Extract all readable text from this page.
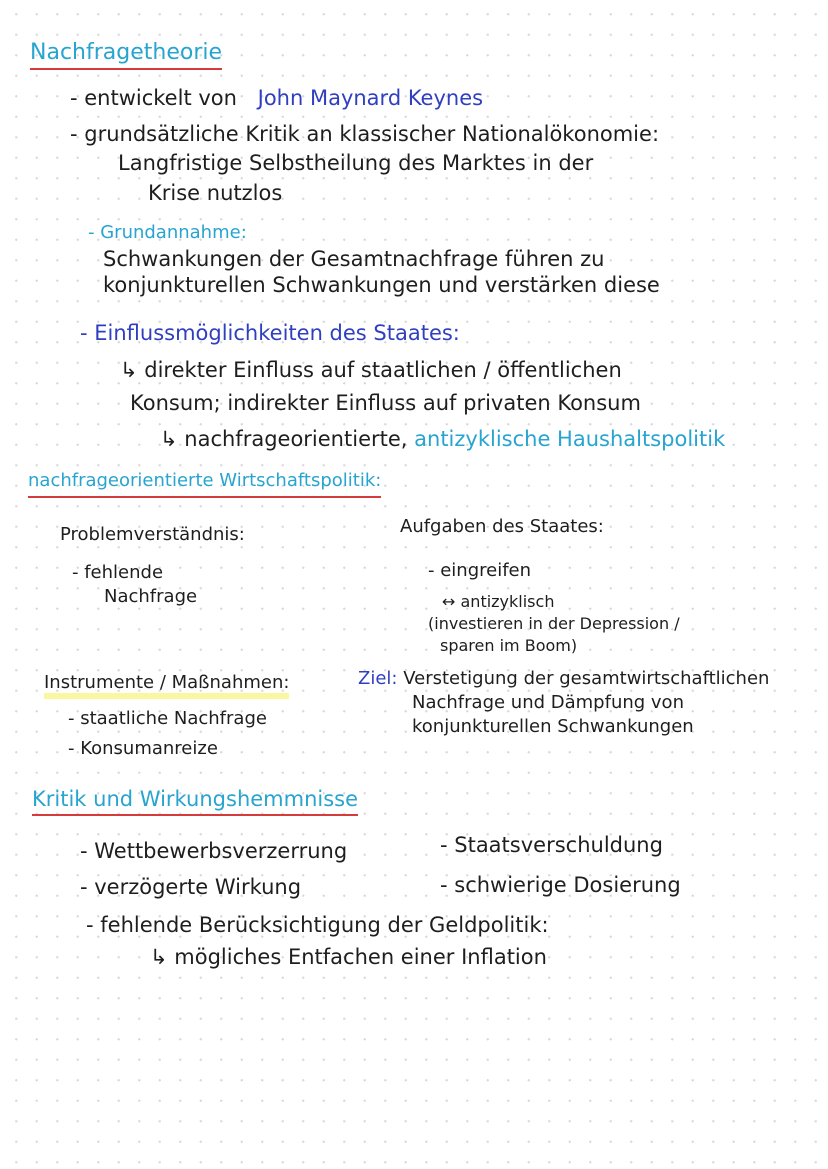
Nachfragetheorie
- entwickelt von John Maynard Keynes
- grundsätzliche Kritik an klassischer Nationalökonomie:
Langfristige Selbstheilung des Marktes in der
Krise nutzlos
- Grundannahme:
Schwankungen der Gesamtnachfrage führen zu
konjunkturellen Schwankungen und verstärken diese
- Einflussmöglichkeiten des Staates:
↳ direkter Einfluss auf staatlichen / öffentlichen
Konsum; indirekter Einfluss auf privaten Konsum
↳ nachfrageorientierte, antizyklische Haushaltspolitik
nachfrageorientierte Wirtschaftspolitik:
Problemverständnis:
- fehlende
Nachfrage
Aufgaben des Staates:
- eingreifen
↔ antizyklisch
(investieren in der Depression /
sparen im Boom)
Instrumente / Maßnahmen:
- staatliche Nachfrage
- Konsumanreize
Ziel: Verstetigung der gesamtwirtschaftlichen
Nachfrage und Dämpfung von
konjunkturellen Schwankungen
Kritik und Wirkungshemmnisse
- Wettbewerbsverzerrung	- Staatsverschuldung
- verzögerte Wirkung	- schwierige Dosierung
- fehlende Berücksichtigung der Geldpolitik:
↳ mögliches Entfachen einer Inflation
